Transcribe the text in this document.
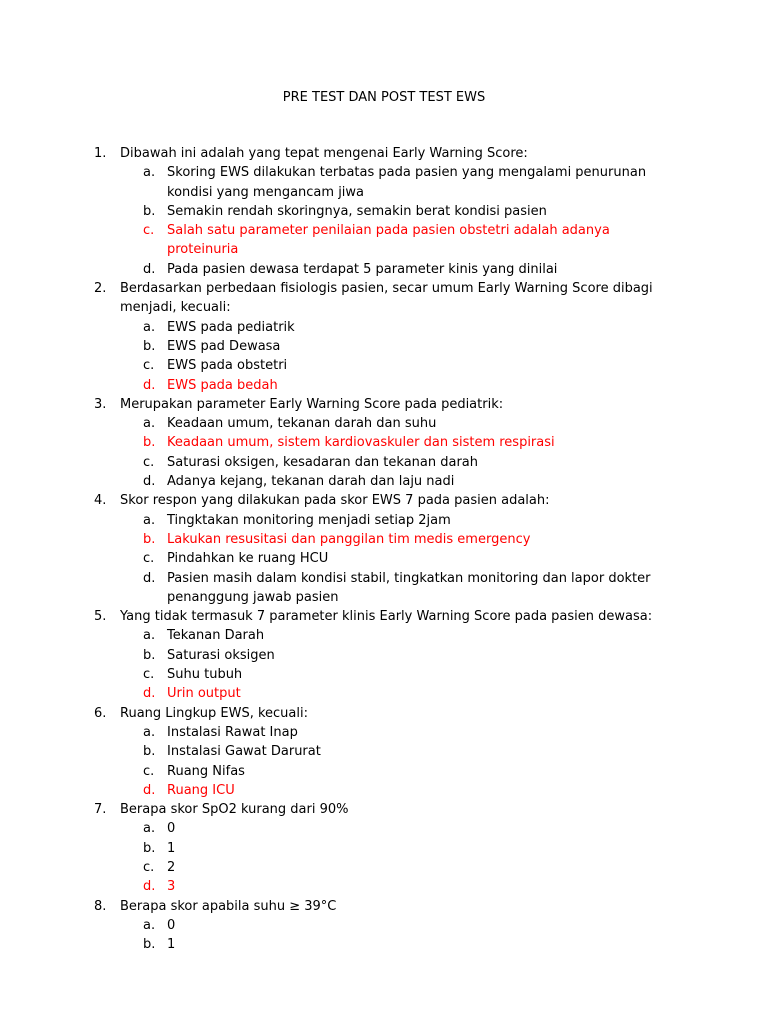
PRE TEST DAN POST TEST EWS
1. Dibawah ini adalah yang tepat mengenai Early Warning Score:
a. Skoring EWS dilakukan terbatas pada pasien yang mengalami penurunan kondisi yang mengancam jiwa
b. Semakin rendah skoringnya, semakin berat kondisi pasien
c. Salah satu parameter penilaian pada pasien obstetri adalah adanya proteinuria
d. Pada pasien dewasa terdapat 5 parameter kinis yang dinilai
2. Berdasarkan perbedaan fisiologis pasien, secar umum Early Warning Score dibagi menjadi, kecuali:
a. EWS pada pediatrik
b. EWS pad Dewasa
c. EWS pada obstetri
d. EWS pada bedah
3. Merupakan parameter Early Warning Score pada pediatrik:
a. Keadaan umum, tekanan darah dan suhu
b. Keadaan umum, sistem kardiovaskuler dan sistem respirasi
c. Saturasi oksigen, kesadaran dan tekanan darah
d. Adanya kejang, tekanan darah dan laju nadi
4. Skor respon yang dilakukan pada skor EWS 7 pada pasien adalah:
a. Tingktakan monitoring menjadi setiap 2jam
b. Lakukan resusitasi dan panggilan tim medis emergency
c. Pindahkan ke ruang HCU
d. Pasien masih dalam kondisi stabil, tingkatkan monitoring dan lapor dokter penanggung jawab pasien
5. Yang tidak termasuk 7 parameter klinis Early Warning Score pada pasien dewasa:
a. Tekanan Darah
b. Saturasi oksigen
c. Suhu tubuh
d. Urin output
6. Ruang Lingkup EWS, kecuali:
a. Instalasi Rawat Inap
b. Instalasi Gawat Darurat
c. Ruang Nifas
d. Ruang ICU
7. Berapa skor SpO2 kurang dari 90%
a. 0
b. 1
c. 2
d. 3
8. Berapa skor apabila suhu ≥ 39°C
a. 0
b. 1
